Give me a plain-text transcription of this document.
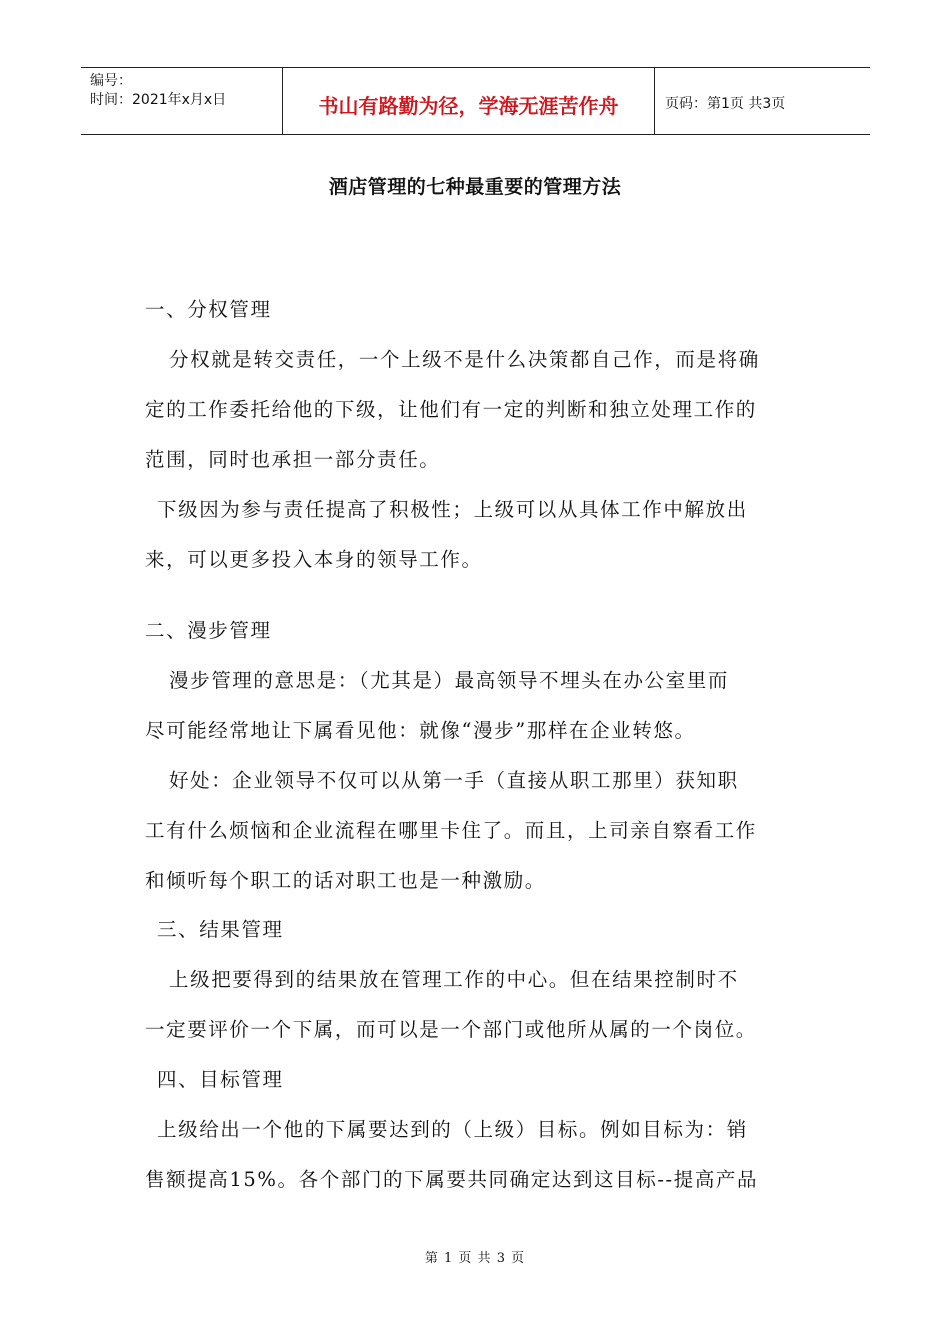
编号：
时间：2021年x月x日	书山有路勤为径，学海无涯苦作舟	页码：第1页 共3页
酒店管理的七种最重要的管理方法
一、分权管理
分权就是转交责任，一个上级不是什么决策都自己作，而是将确
定的工作委托给他的下级，让他们有一定的判断和独立处理工作的
范围，同时也承担一部分责任。
下级因为参与责任提高了积极性；上级可以从具体工作中解放出
来，可以更多投入本身的领导工作。
二、漫步管理
漫步管理的意思是：（尤其是）最高领导不埋头在办公室里而
尽可能经常地让下属看见他：就像“漫步”那样在企业转悠。
好处：企业领导不仅可以从第一手（直接从职工那里）获知职
工有什么烦恼和企业流程在哪里卡住了。而且，上司亲自察看工作
和倾听每个职工的话对职工也是一种激励。
三、结果管理
上级把要得到的结果放在管理工作的中心。但在结果控制时不
一定要评价一个下属，而可以是一个部门或他所从属的一个岗位。
四、目标管理
上级给出一个他的下属要达到的（上级）目标。例如目标为：销
售额提高15%。各个部门的下属要共同确定达到这目标--提高产品
第 1 页 共 3 页
